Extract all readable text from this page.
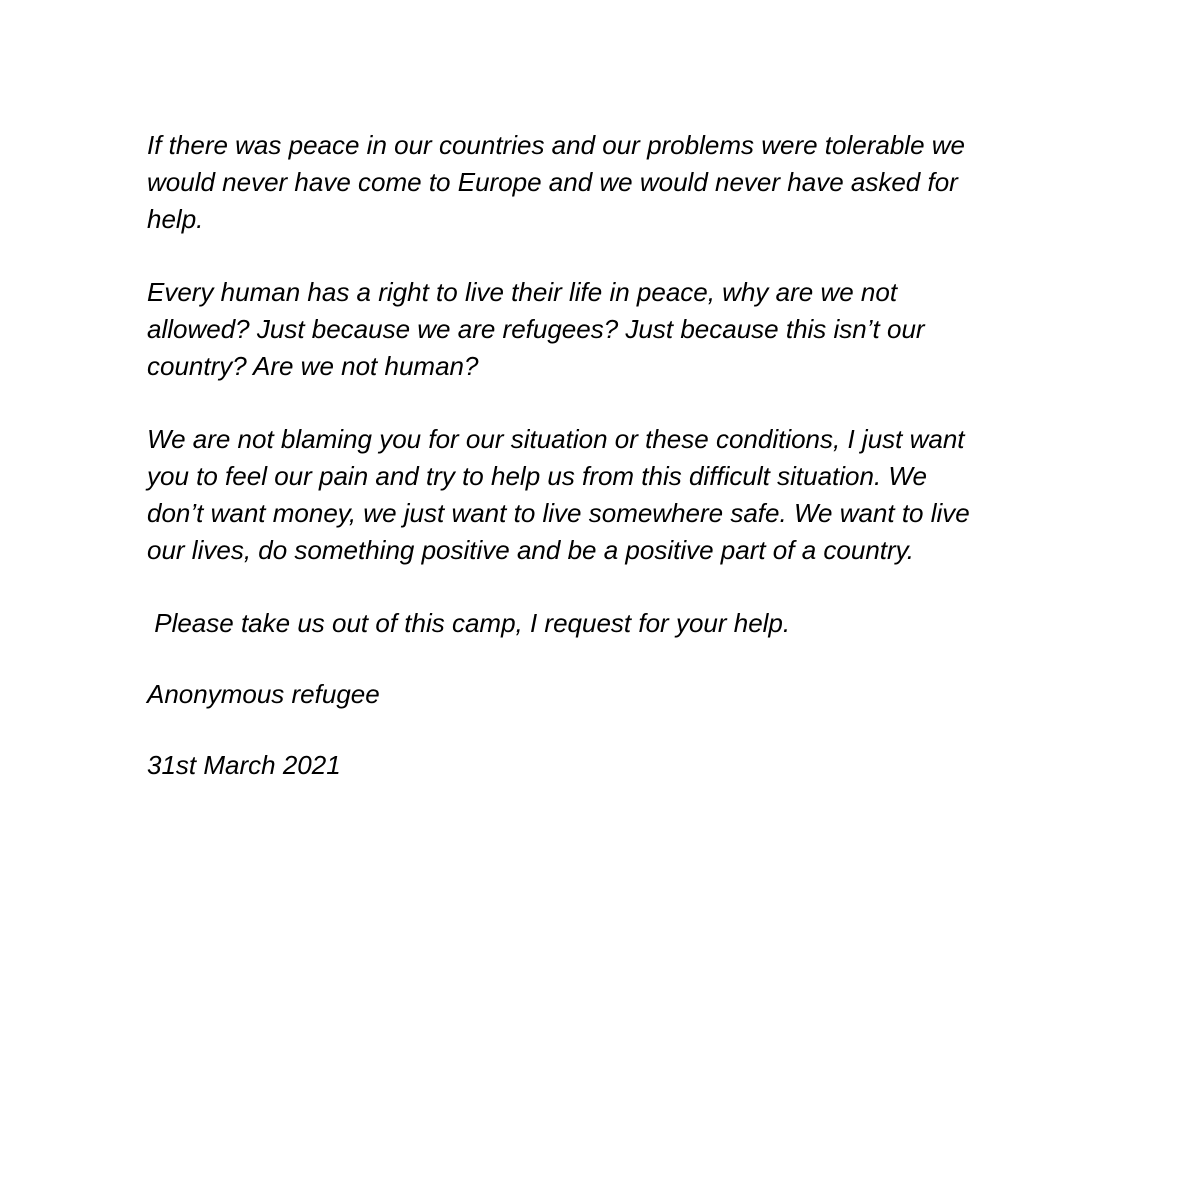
If there was peace in our countries and our problems were tolerable we
would never have come to Europe and we would never have asked for
help.
Every human has a right to live their life in peace, why are we not
allowed? Just because we are refugees? Just because this isn’t our
country? Are we not human?
We are not blaming you for our situation or these conditions, I just want
you to feel our pain and try to help us from this difficult situation. We
don’t want money, we just want to live somewhere safe. We want to live
our lives, do something positive and be a positive part of a country.
Please take us out of this camp, I request for your help.
Anonymous refugee
31st March 2021
